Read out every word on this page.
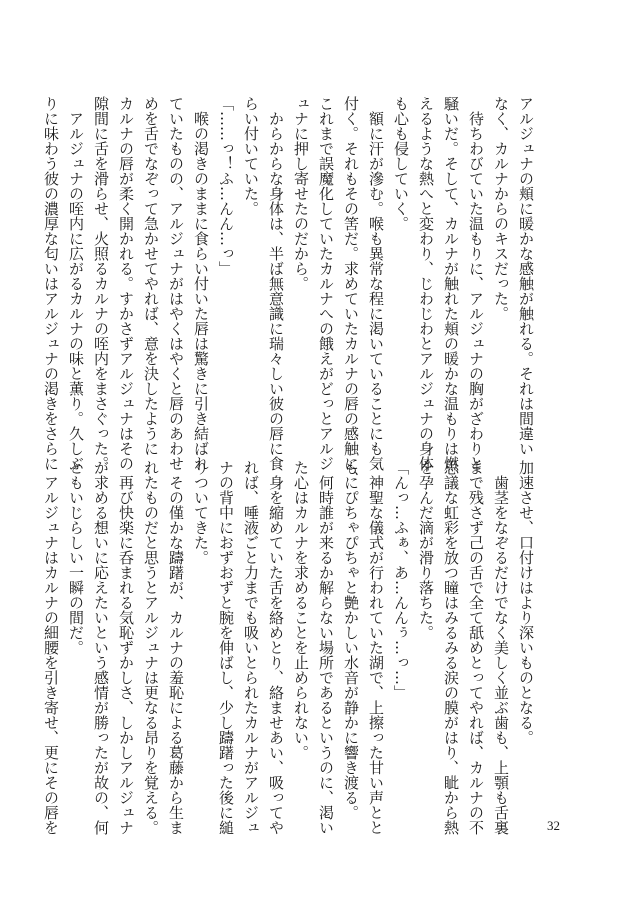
アルジュナの頬に暖かな感触が触れる。それは間違い

なく、カルナからのキスだった。

　待ちわびていた温もりに、アルジュナの胸がざわりと

騒いだ。そして、カルナが触れた頬の暖かな温もりは燃

えるような熱へと変わり、じわじわとアルジュナの身体

も心も侵していく。

　額に汗が滲む。喉も異常な程に渇いていることにも気

付く。それもその筈だ。求めていたカルナの唇の感触に、

これまで誤魔化していたカルナへの餓えがどっとアルジ

ュナに押し寄せたのだから。

　からからな身体は、半ば無意識に瑞々しい彼の唇に食

らい付いていた。

「……っ！ふ…んん…っ」

　喉の渇きのままに食らい付いた唇は驚きに引き結ばれ

ていたものの、アルジュナがはやくはやくと唇のあわせ

めを舌でなぞって急かせてやれば、意を決したように

カルナの唇が柔く開かれる。すかさずアルジュナはその

隙間に舌を滑らせ、火照るカルナの咥内をまさぐった。

　アルジュナの咥内に広がるカルナの味と薫り。久しぶ

りに味わう彼の濃厚な匂いはアルジュナの渇きをさらに

加速させ、口付けはより深いものとなる。

　歯茎をなぞるだけでなく美しく並ぶ歯も、上顎も舌裏

まで残さず己の舌で全て舐めとってやれば、カルナの不

思議な虹彩を放つ瞳はみるみる涙の膜がはり、眦から熱

を孕んだ滴が滑り落ちた。

「んっ…ふぁ、あ…んんぅ…っ…」

　神聖な儀式が行われていた湖で、上擦った甘い声とと

もにぴちゃぴちゃと艶かしい水音が静かに響き渡る。

　何時誰が来るか解らない場所であるというのに、渇い

た心はカルナを求めることを止められない。

　身を縮めていた舌を絡めとり、絡ませあい、吸ってや

れば、唾液ごと力までも吸いとられたカルナがアルジュ

ナの背中におずおずと腕を伸ばし、少し躊躇った後に縋

りついてきた。

　その僅かな躊躇が、カルナの羞恥による葛藤から生ま

れたものだと思うとアルジュナは更なる昂りを覚える。

　再び快楽に呑まれる気恥ずかしさ、しかしアルジュナ

が求める想いに応えたいという感情が勝ったが故の、何

ともいじらしい一瞬の間だ。

　アルジュナはカルナの細腰を引き寄せ、更にその唇を	32
